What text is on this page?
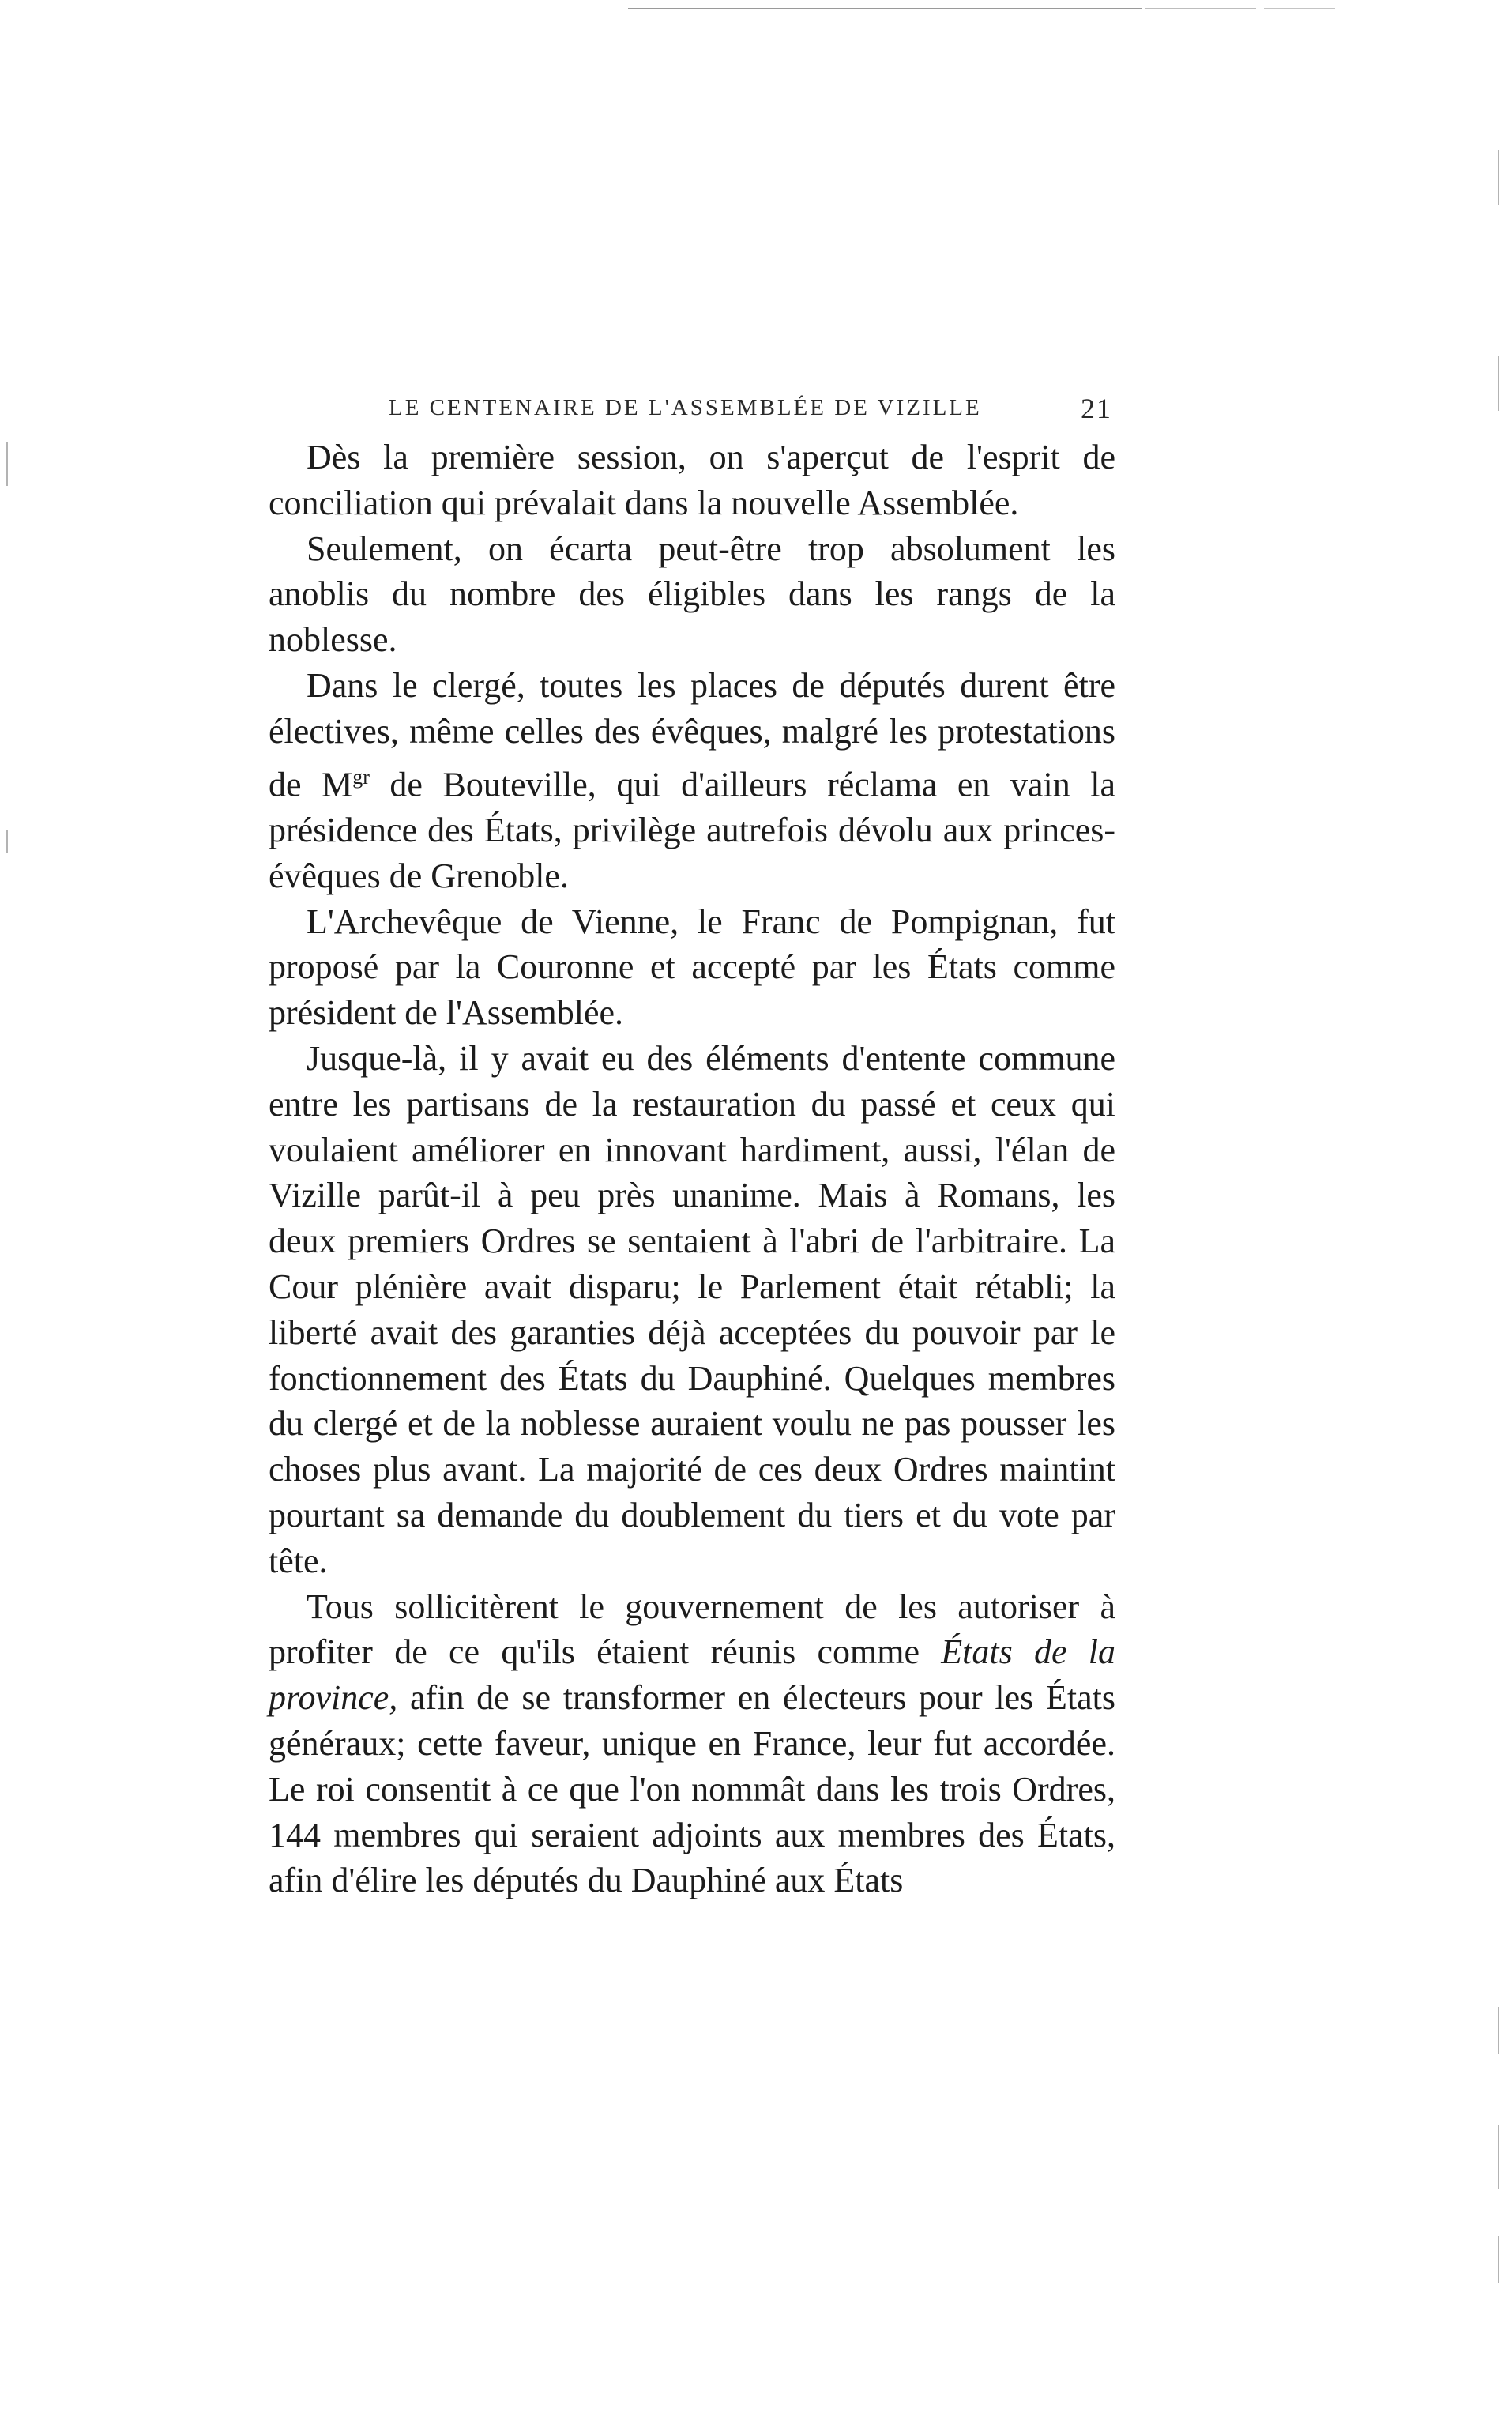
LE CENTENAIRE DE L'ASSEMBLÉE DE VIZILLE	21

Dès la première session, on s'aperçut de l'esprit de conciliation qui prévalait dans la nouvelle Assemblée.

Seulement, on écarta peut-être trop absolument les anoblis du nombre des éligibles dans les rangs de la noblesse.

Dans le clergé, toutes les places de députés durent être électives, même celles des évêques, malgré les protestations de $M^{gr}$ de Bouteville, qui d'ailleurs réclama en vain la présidence des États, privilège autrefois dévolu aux princes-évêques de Grenoble.

L'Archevêque de Vienne, le Franc de Pompignan, fut proposé par la Couronne et accepté par les États comme président de l'Assemblée.

Jusque-là, il y avait eu des éléments d'entente commune entre les partisans de la restauration du passé et ceux qui voulaient améliorer en innovant hardiment, aussi, l'élan de Vizille parût-il à peu près unanime. Mais à Romans, les deux premiers Ordres se sentaient à l'abri de l'arbitraire. La Cour plénière avait disparu; le Parlement était rétabli; la liberté avait des garanties déjà acceptées du pouvoir par le fonctionnement des États du Dauphiné. Quelques membres du clergé et de la noblesse auraient voulu ne pas pousser les choses plus avant. La majorité de ces deux Ordres maintint pourtant sa demande du doublement du tiers et du vote par tête.

Tous sollicitèrent le gouvernement de les autoriser à profiter de ce qu'ils étaient réunis comme États de la province, afin de se transformer en électeurs pour les États généraux; cette faveur, unique en France, leur fut accordée. Le roi consentit à ce que l'on nommât dans les trois Ordres, 144 membres qui seraient adjoints aux membres des États, afin d'élire les députés du Dauphiné aux États
